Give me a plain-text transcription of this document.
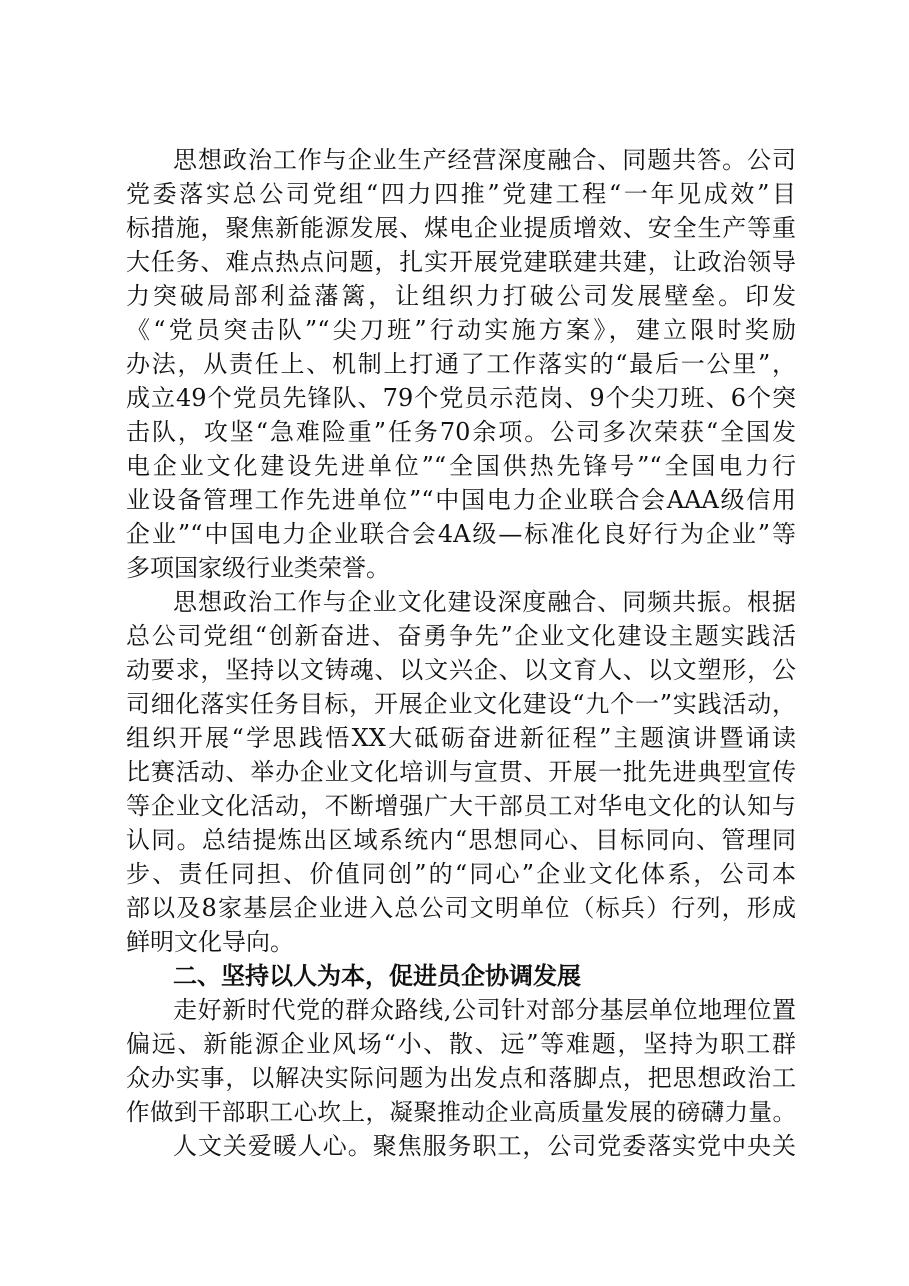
思想政治工作与企业生产经营深度融合、同题共答。公司
党委落实总公司党组“四力四推”党建工程“一年见成效”目
标措施，聚焦新能源发展、煤电企业提质增效、安全生产等重
大任务、难点热点问题，扎实开展党建联建共建，让政治领导
力突破局部利益藩篱，让组织力打破公司发展壁垒。印发
《“党员突击队”“尖刀班”行动实施方案》，建立限时奖励
办法，从责任上、机制上打通了工作落实的“最后一公里”，
成立49个党员先锋队、79个党员示范岗、9个尖刀班、6个突
击队，攻坚“急难险重”任务70余项。公司多次荣获“全国发
电企业文化建设先进单位”“全国供热先锋号”“全国电力行
业设备管理工作先进单位”“中国电力企业联合会AAA级信用
企业”“中国电力企业联合会4A级—标准化良好行为企业”等
多项国家级行业类荣誉。
思想政治工作与企业文化建设深度融合、同频共振。根据
总公司党组“创新奋进、奋勇争先”企业文化建设主题实践活
动要求，坚持以文铸魂、以文兴企、以文育人、以文塑形，公
司细化落实任务目标，开展企业文化建设“九个一”实践活动，
组织开展“学思践悟XX大砥砺奋进新征程”主题演讲暨诵读
比赛活动、举办企业文化培训与宣贯、开展一批先进典型宣传
等企业文化活动，不断增强广大干部员工对华电文化的认知与
认同。总结提炼出区域系统内“思想同心、目标同向、管理同
步、责任同担、价值同创”的“同心”企业文化体系，公司本
部以及8家基层企业进入总公司文明单位（标兵）行列，形成
鲜明文化导向。
二、坚持以人为本，促进员企协调发展
走好新时代党的群众路线,公司针对部分基层单位地理位置
偏远、新能源企业风场“小、散、远”等难题，坚持为职工群
众办实事，以解决实际问题为出发点和落脚点，把思想政治工
作做到干部职工心坎上，凝聚推动企业高质量发展的磅礴力量。
人文关爱暖人心。聚焦服务职工，公司党委落实党中央关
